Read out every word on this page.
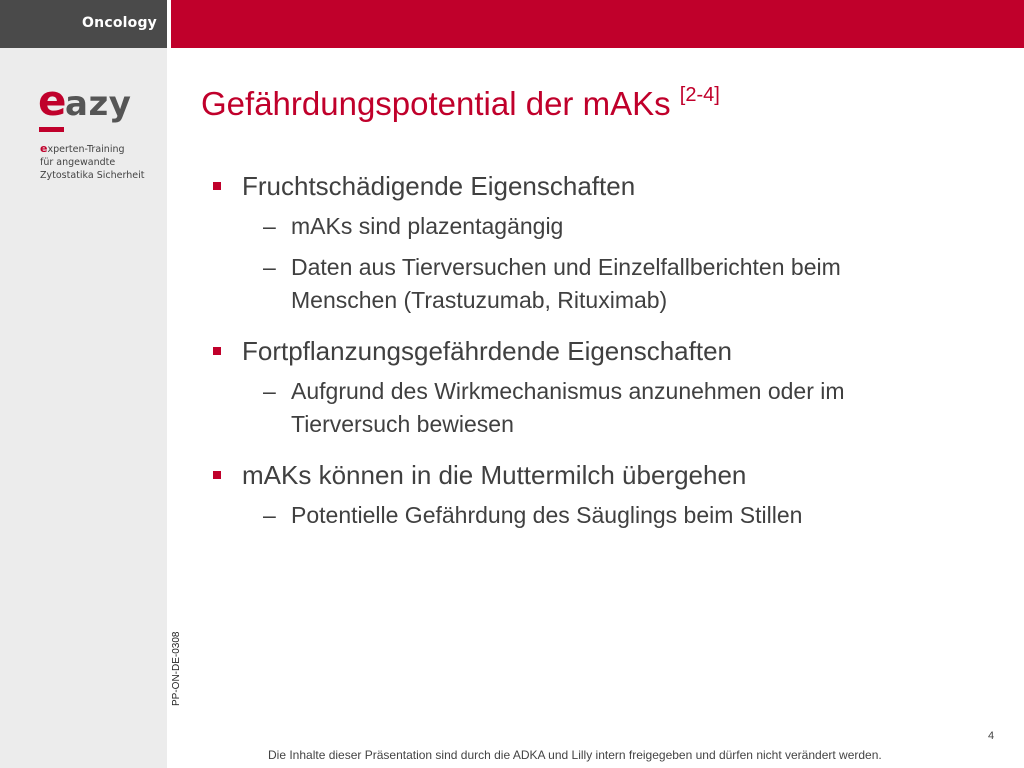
Oncology
e
azy
experten-Training
für angewandte
Zytostatika Sicherheit
PP-ON-DE-0308
Gefährdungspotential der mAKs [2-4]
Fruchtschädigende Eigenschaften
– mAKs sind plazentagängig
– Daten aus Tierversuchen und Einzelfallberichten beim
Menschen (Trastuzumab, Rituximab)
Fortpflanzungsgefährdende Eigenschaften
– Aufgrund des Wirkmechanismus anzunehmen oder im
Tierversuch bewiesen
mAKs können in die Muttermilch übergehen
– Potentielle Gefährdung des Säuglings beim Stillen
4
Die Inhalte dieser Präsentation sind durch die ADKA und Lilly intern freigegeben und dürfen nicht verändert werden.
